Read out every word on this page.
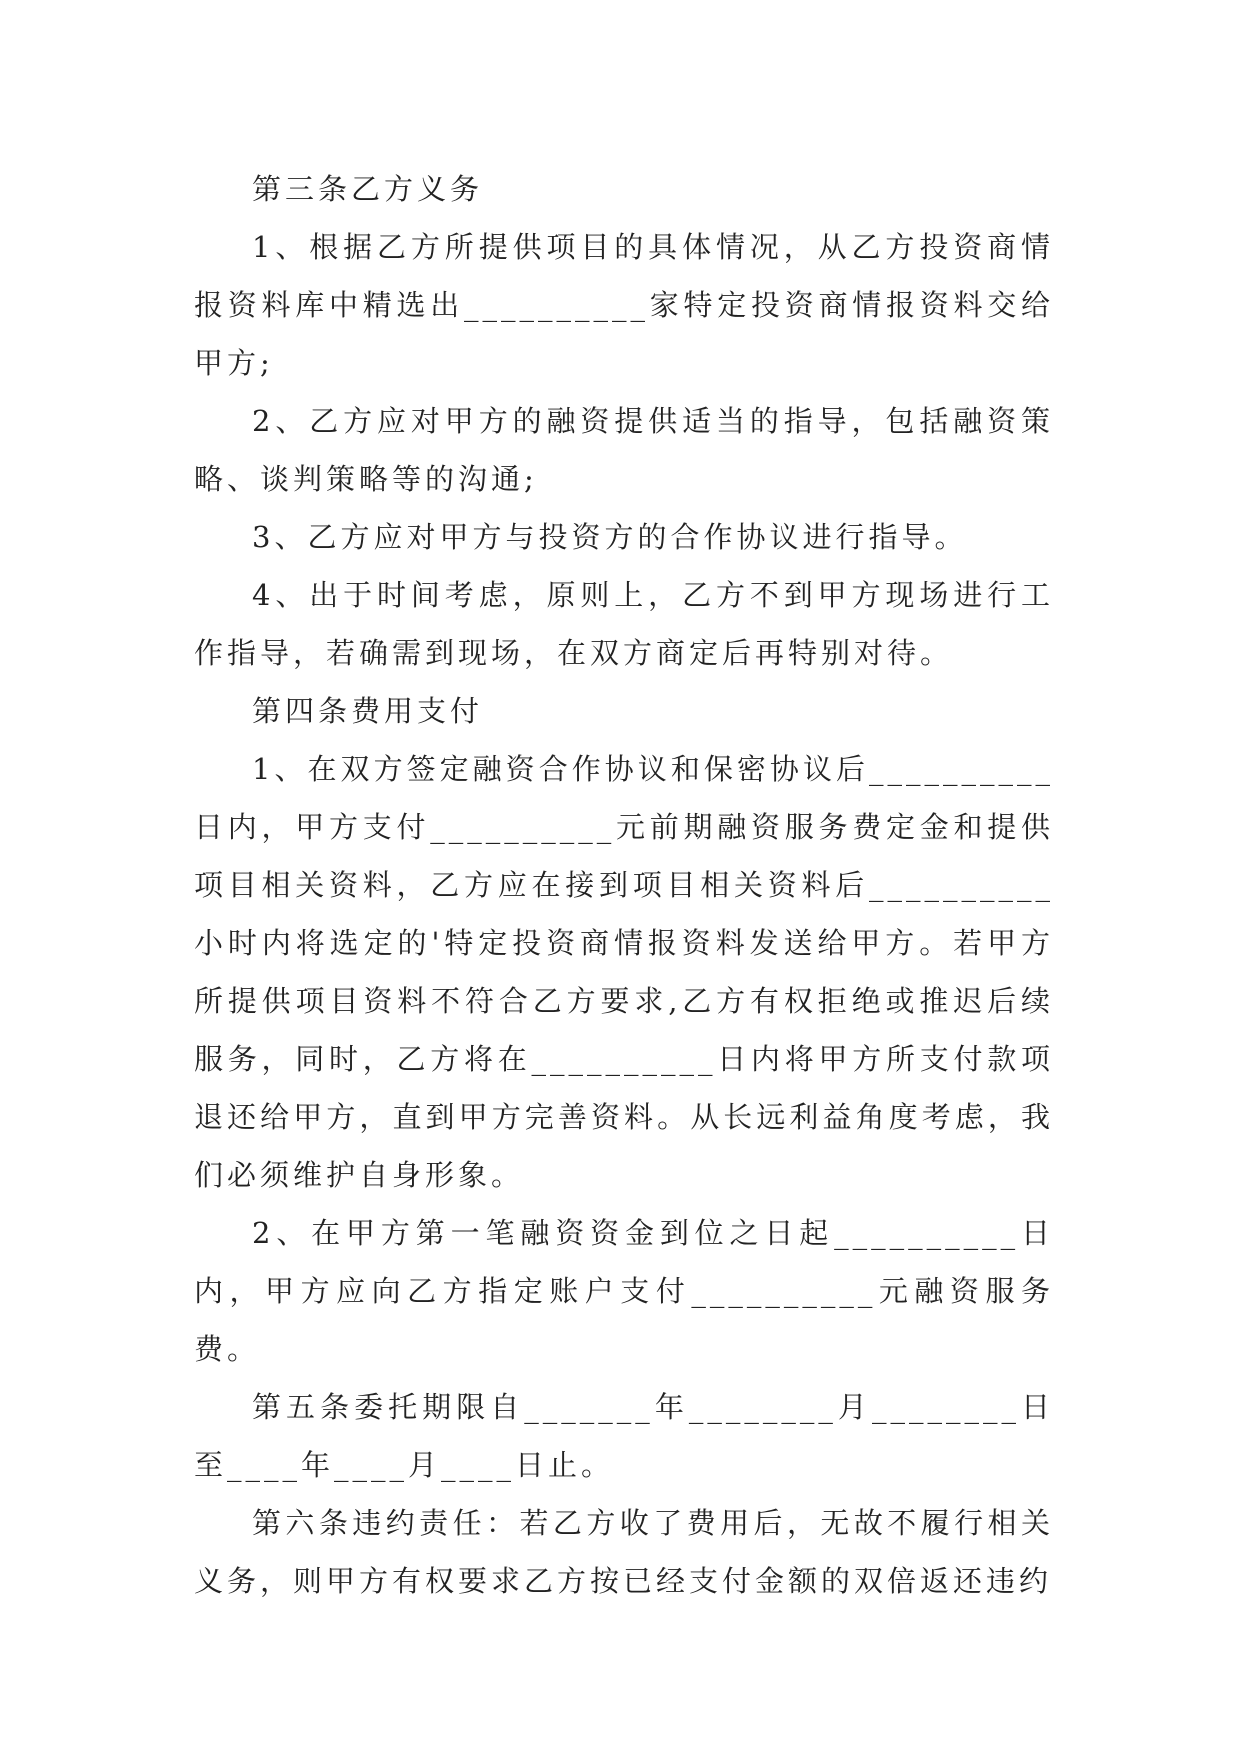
第三条乙方义务

1、根据乙方所提供项目的具体情况，从乙方投资商情报资料库中精选出__________家特定投资商情报资料交给甲方;

2、乙方应对甲方的融资提供适当的指导，包括融资策略、谈判策略等的沟通;

3、乙方应对甲方与投资方的合作协议进行指导。

4、出于时间考虑，原则上，乙方不到甲方现场进行工作指导，若确需到现场，在双方商定后再特别对待。

第四条费用支付

1、在双方签定融资合作协议和保密协议后__________日内，甲方支付__________元前期融资服务费定金和提供项目相关资料，乙方应在接到项目相关资料后__________小时内将选定的'特定投资商情报资料发送给甲方。若甲方所提供项目资料不符合乙方要求,乙方有权拒绝或推迟后续服务，同时，乙方将在__________日内将甲方所支付款项退还给甲方，直到甲方完善资料。从长远利益角度考虑，我们必须维护自身形象。

2、在甲方第一笔融资资金到位之日起__________日内，甲方应向乙方指定账户支付__________元融资服务费。

第五条委托期限自_______年________月________日至____年____月____日止。

第六条违约责任：若乙方收了费用后，无故不履行相关义务，则甲方有权要求乙方按已经支付金额的双倍返还违约
